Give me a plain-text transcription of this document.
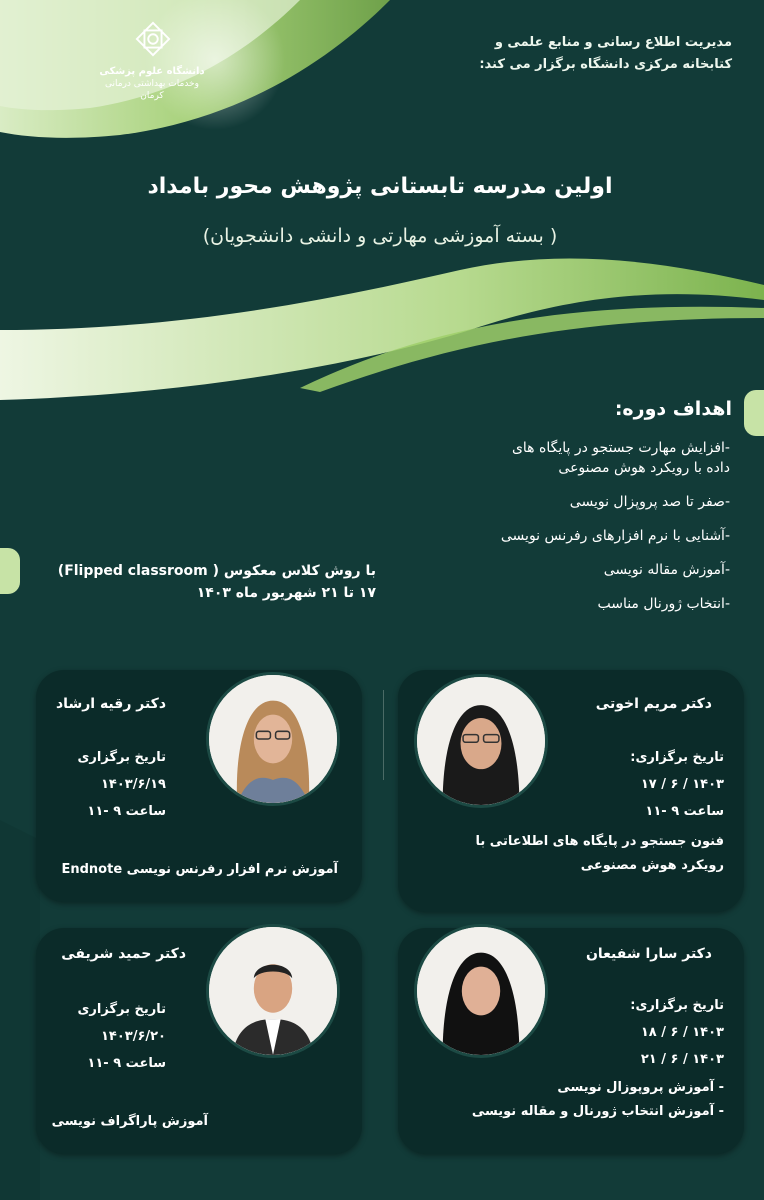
دانشگاه علوم پزشکی
وخدمات بهداشتی درمانی کرمان
مدیریت اطلاع رسانی و منابع علمی و
کتابخانه مرکزی دانشگاه برگزار می کند:
اولین مدرسه تابستانی پژوهش محور بامداد
( بسته آموزشی مهارتی و دانشی دانشجویان)
اهداف دوره:
-افزایش مهارت جستجو در پایگاه های
داده با رویکرد هوش مصنوعی
-صفر تا صد پروپزال نویسی
-آشنایی با نرم افزارهای رفرنس نویسی
-آموزش مقاله نویسی
-انتخاب ژورنال مناسب
با روش کلاس معکوس ( Flipped classroom)
۱۷ تا ۲۱ شهریور ماه ۱۴۰۳
دکتر مریم اخوتی
تاریخ برگزاری:
۱۴۰۳ / ۶ / ۱۷
ساعت ۹ -۱۱
فنون جستجو در پایگاه های اطلاعاتی با
رویکرد هوش مصنوعی
دکتر رقیه ارشاد
تاریخ برگزاری
۱۴۰۳/۶/۱۹
ساعت ۹ -۱۱
آموزش نرم افزار رفرنس نویسی Endnote
دکتر سارا شفیعان
تاریخ برگزاری:
۱۴۰۳ / ۶ / ۱۸
۱۴۰۳ / ۶ / ۲۱
- آموزش پروپوزال نویسی
- آموزش انتخاب ژورنال و مقاله نویسی
دکتر حمید شریفی
تاریخ برگزاری
۱۴۰۳/۶/۲۰
ساعت ۹ -۱۱
آموزش پاراگراف نویسی
